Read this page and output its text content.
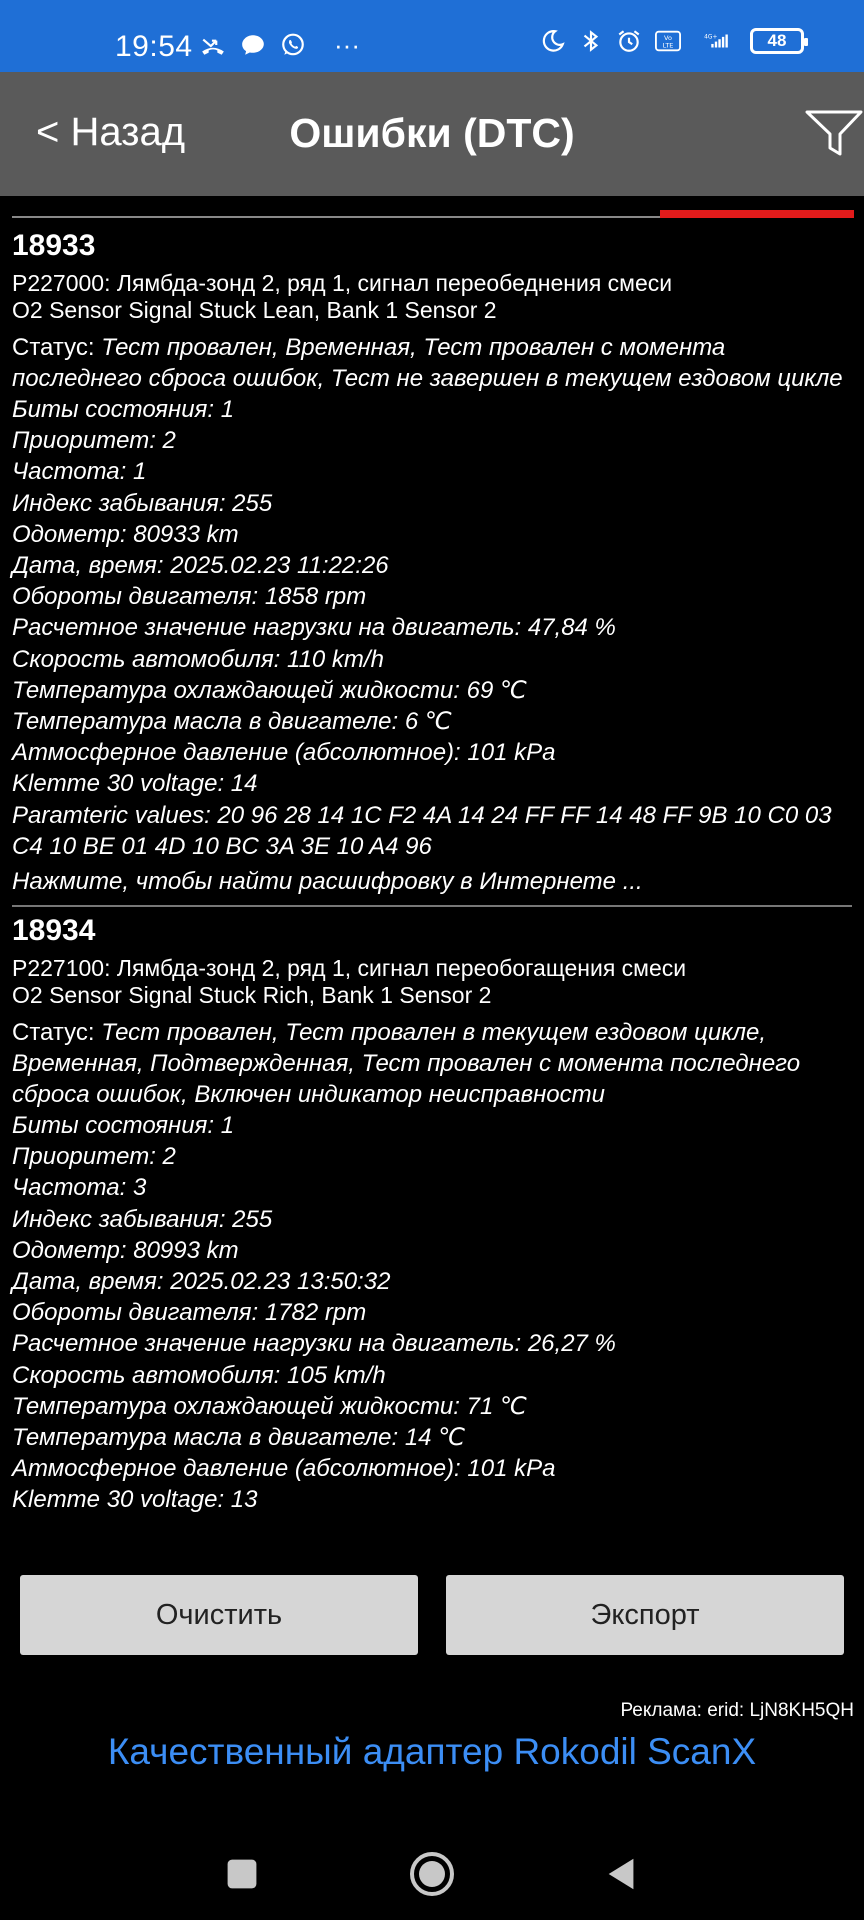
19:54	···	Vo
LTE
4G+	48
< Назад	Ошибки (DTC)
18933
P227000: Лямбда-зонд 2, ряд 1, сигнал переобеднения смеси
O2 Sensor Signal Stuck Lean, Bank 1 Sensor 2
Статус: Тест провален, Временная, Тест провален с момента последнего сброса ошибок, Тест не завершен в текущем ездовом цикле
Биты состояния: 1
Приоритет: 2
Частота: 1
Индекс забывания: 255
Одометр: 80933 km
Дата, время: 2025.02.23 11:22:26
Обороты двигателя: 1858 rpm
Расчетное значение нагрузки на двигатель: 47,84 %
Скорость автомобиля: 110 km/h
Температура охлаждающей жидкости: 69 ℃
Температура масла в двигателе: 6 ℃
Атмосферное давление (абсолютное): 101 kPa
Klemme 30 voltage: 14
Paramteric values: 20 96 28 14 1C F2 4A 14 24 FF FF 14 48 FF 9B 10 C0 03 C4 10 BE 01 4D 10 BC 3A 3E 10 A4 96
Нажмите, чтобы найти расшифровку в Интернете ...
18934
P227100: Лямбда-зонд 2, ряд 1, сигнал переобогащения смеси
O2 Sensor Signal Stuck Rich, Bank 1 Sensor 2
Статус: Тест провален, Тест провален в текущем ездовом цикле, Временная, Подтвержденная, Тест провален с момента последнего сброса ошибок, Включен индикатор неисправности
Биты состояния: 1
Приоритет: 2
Частота: 3
Индекс забывания: 255
Одометр: 80993 km
Дата, время: 2025.02.23 13:50:32
Обороты двигателя: 1782 rpm
Расчетное значение нагрузки на двигатель: 26,27 %
Скорость автомобиля: 105 km/h
Температура охлаждающей жидкости: 71 ℃
Температура масла в двигателе: 14 ℃
Атмосферное давление (абсолютное): 101 kPa
Klemme 30 voltage: 13
Очистить	Экспорт
Реклама: erid: LjN8KH5QH
Качественный адаптер Rokodil ScanX
